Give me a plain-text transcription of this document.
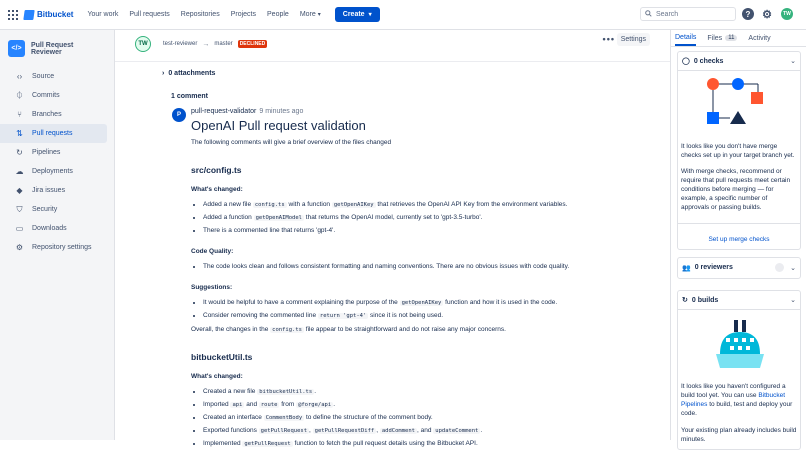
Bitbucket Your work Pull requests Repositories Projects People More ▾	Create ▾	Search	?	⚙	TW
</>	Pull Request Reviewer
‹› Source
⏀ Commits
⑂ Branches
⇅ Pull requests
↻ Pipelines
☁ Deployments
◆ Jira issues
⛉ Security
▭ Downloads
⚙ Repository settings
TW	test-reviewer → master	DECLINED	••• Settings
› 0 attachments
1 comment
P	pull-request-validator 9 minutes ago
OpenAI Pull request validation
The following comments will give a brief overview of the files changed
src/config.ts
What's changed:
• Added a new file config.ts with a function getOpenAIKey that retrieves the OpenAI API Key from the environment variables.
• Added a function getOpenAIModel that returns the OpenAI model, currently set to 'gpt-3.5-turbo'.
• There is a commented line that returns 'gpt-4'.
Code Quality:
• The code looks clean and follows consistent formatting and naming conventions. There are no obvious issues with code quality.
Suggestions:
• It would be helpful to have a comment explaining the purpose of the getOpenAIKey function and how it is used in the code.
• Consider removing the commented line return 'gpt-4' since it is not being used.
Overall, the changes in the config.ts file appear to be straightforward and do not raise any major concerns.
bitbucketUtil.ts
What's changed:
• Created a new file bitbucketUtil.ts .
• Imported api and route from @forge/api .
• Created an interface CommentBody to define the structure of the comment body.
• Exported functions getPullRequest , getPullRequestDiff , addComment , and updateComment .
• Implemented getPullRequest function to fetch the pull request details using the Bitbucket API.
Details Files	11	Activity
◯ 0 checks	⌄

It looks like you don't have merge checks set up in your target branch yet.

With merge checks, recommend or require that pull requests meet certain conditions before merging — for example, a specific number of approvals or passing builds.

Set up merge checks
👥 0 reviewers	⌄
↻ 0 builds	⌄

It looks like you haven't configured a build tool yet. You can use Bitbucket Pipelines to build, test and deploy your code.

Your existing plan already includes build minutes.
